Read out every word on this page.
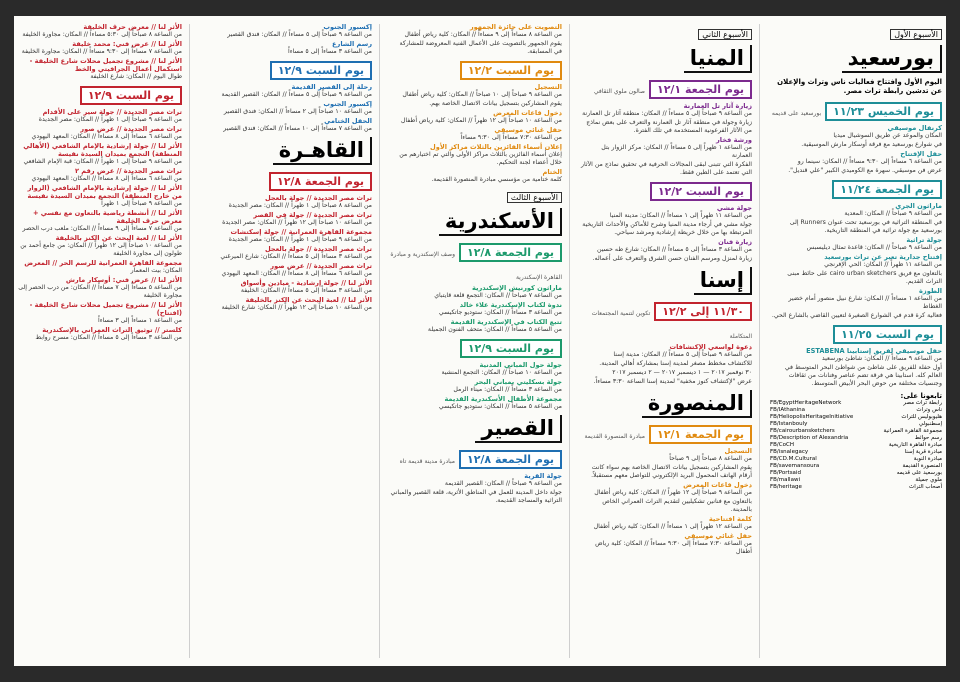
الأسبوع الأول
بورسعيد
اليوم الأول وافتتاح فعاليات ناس وتراث والإعلان عن تدشين رابطة تراث مصر.
يوم الخميس ١١/٢٣بورسعيد على قديمه
كرنفال موسيقي
المكان والموعد عن طريق السوشيال ميديا
في شوارع بورسعيد مع فرقة أوسكار مارش الموسيقية.
حفل الإفتتاح
من الساعة ٦ مساءاً إلى ٩:٣٠ مساءاً // المكان: سينما رو
عرض فن موسيقي. سهرة مع الكوميدي الكبير "علي قنديل".
يوم الجمعة ١١/٢٤
ماراثون الجري
من الساعة ٩ صباحاً // المكان: المعدية
في المنطقة التراثية في بورسعيد تحت عنوان Runners إلى بورسعيد مع جولة تراثية في المنطقة التاريخية.
جولة تراثية
من الساعة ٩ صباحاً // المكان: قاعدة تمثال ديليسبس
إفتتاح جدارية تعبر عن تراث بورسعيد
من الساعة ١١ ظهراً // المكان: الحي الإفرنجي
بالتعاون مع فريق cairo urban sketchers على حائط مبنى التراث القديم.
الطوزة
من الساعة ١ مساءاً // المكان: شارع نبيل منصور أمام خضير الغطاط
فعالية كرة قدم في الشوارع الصغيرة لتعيين القاضي بالشارع الحي.
يوم السبت ١١/٢٥
حفل موسيقي لفريق إستابينا ESTABENA
من الساعة ٩ مساءاً // المكان: شاطئ بورسعيد
أول حفلة للفريق على شاطئ من شواطئ البحر المتوسط في العالم كله. استابينا هي فرقة تضم عناصر وفنانات من ثقافات وجنسيات مختلفة من حوض البحر الأبيض المتوسط.
تابعونا على:
FB/EgyptHeritageNetwork	رابطة تراث مصر
FB/IAthanina	ناس وتراث
FB/HeliopolisHeritageInitiative	هليوبوليس للتراث
FB/Istanbouly	إسطنبولي
FB/cairourbansketchers	مجموعة القاهرة العمرانية
FB/Description of Alexandria	رسم حوائط
FB/CoCH	مبادرة القاهرة التاريخية
FB/isnalegacy	مبادرة قرية إسنا
FB/CD.M.Cultural	مبادرة النوبة
FB/savemansoura	المنصورة القديمة
FB/Portsaid	بورسعيد على قديمه
FB/mallawi	ملوي جميلة
FB/heritage	أصحاب التراث
الأسبوع الثاني
المنيا
يوم الجمعة ١٢/١صالون ملوي الثقافي
زيارة آثار تل العمارنة
من الساعة ٩ صباحاً إلى ٥ مساءاً // المكان: منطقة آثار تل العمارنة
زيارة وجولة في منطقة آثار تل العمارنة والتعرف على بعض نماذج من الآثار الفرعونية المستخدمة في تلك الفترة.
ورشة فخار
من الساعة ١ ظهراً إلى ٥ مساءاً // المكان: مركز الزوار بتل العمارنة
الفكرة التي تتبنى لبقى المجالات الحرفية في تحقيق نماذج من الآثار التي تعتمد على الطين فقط.
يوم السبت ١٢/٢
جولة مشي
من الساعة ١١ ظهراً إلى ١ مساءاً // المكان: مدينة المنيا
جولة مشي في أرجاء مدينة المنيا وشرح للأماكن والأحداث التاريخية المرتبطة بها من خلال خريطة إرشادية ومرشد سياحي.
زيارة فنان
من الساعة ٣ مساءاً إلى ٥ مساءاً // المكان: شارع طه حسين
زيارة لمنزل ومرسم الفنان حسن الشرق والتعرف على أعماله.
إسنا
١١/٣٠ إلى ١٢/٢تكوين لتنمية المجتمعات المتكاملة
دعوة لواسعي الإكتشافات
من الساعة ٩ صباحاً إلى ٥ مساءاً // المكان: مدينة إسنا
للاكتشاف مخطط مصغر لمدينة إسنا بمشاركة أهالي المدينة.
٣٠ نوفمبر ٢٠١٧ — ١ ديسمبر ٢٠١٧ — ٢ ديسمبر ٢٠١٧
عرض "لإكتشاف كنوز مخفية" لمدينة إسنا الساعة ٣:٣٠ مساءاً.
المنصورة
يوم الجمعة ١٢/١مبادرة المنصورة القديمة
التسجيل
من الساعة ٨ صباحاً إلى ٩ صباحاً
يقوم المشاركين بتسجيل بيانات الاتصال الخاصة بهم سواء كانت أرقام الهاتف المحمول البريد الإلكتروني للتواصل معهم مستقبلاً.
دخول قاعات المعرض
من الساعة ٩ صباحاً إلى ١٢ ظهراً // المكان: كلية رياض أطفال
بالتعاون مع فنانين تشكيليين لتقديم التراث العمراني الخاص بالمدينة.
كلمة افتتاحية
من الساعة ١٢ ظهراً إلى ١ مساءاً // المكان: كلية رياض أطفال
حفل غنائي موسيقي
من الساعة ٧:٣٠ مساءاً إلى ٩:٣٠ مساءاً // المكان: كلية رياض أطفال
التصويت على جائزة الجمهور
من الساعة ٨ مساءاً إلى ٩ مساءاً // المكان: كلية رياض أطفال
يقوم الجمهور بالتصويت على الأعمال الفنية المعروضة للمشاركة في المسابقة.
يوم السبت ١٢/٢
التسجيل
من الساعة ٩ صباحاً إلى ١٠ صباحاً // المكان: كلية رياض أطفال
يقوم المشاركين بتسجيل بيانات الاتصال الخاصة بهم.
دخول قاعات المعرض
من الساعة ١٠ صباحاً إلى ١٢ ظهراً // المكان: كلية رياض أطفال
حفل غنائي موسيقي
من الساعة ٧:٣٠ مساءاً إلى ٩:٣٠ مساءاً
إعلان أسماء الفائزين بالثلاث مراكز الأول
إعلان أسماء الفائزين بالثلاث مراكز الأولى والتي تم اختيارهم من خلال أعضاء لجنة التحكيم.
الختام
كلمة ختامية من مؤسسي مبادرة المنصورة القديمة.
الأسبوع الثالث
الأسكندرية
يوم الجمعة ١٢/٨وصف الإسكندرية و مبادرة القاهرة الإسكندرية
ماراثون كورنيش الإسكندرية
من الساعة ٧ صباحاً // المكان: التجمع قلعة قايتباي
ندوة لكتاب الإسكندرية علاء خالد
من الساعة ٣ مساءاً // المكان: ستوديو جاتكيسي
تتبع الكتاب في الإسكندرية القديمة
من الساعة ٥ مساءاً // المكان: متحف الفنون الجميلة
يوم السبت ١٢/٩
جولة حول المباني المدنية
من الساعة ١٠ صباحاً // المكان: التجمع المنشية
جولة بسكليتي بمباني البحر
من الساعة ٣ مساءاً // المكان: ميناء الرمل
مجموعة الأطفال الأسكندرية القديمة
من الساعة ٥ مساءاً // المكان: ستوديو جاتكيسي
القصير
يوم الجمعة ١٢/٨مبادرة مدينة قديمة تاه
جولة القرية
من الساعة ٩ صباحاً // المكان: القصير القديمة
جولة داخل المدينة للعمل في المناطق الأثرية، قلعة القصير والمباني التراثية والمساجد القديمة.
إكسبور الجنوب
من الساعة ٩ صباحاً إلى ٥ مساءاً // المكان: فندق القصير
رسم الشارع
من الساعة ٣ مساءاً إلى ٥ مساءاً
يوم السبت ١٢/٩
رحلة إلى القصير القديمة
من الساعة ٩ صباحاً إلى ٥ مساءاً // المكان: القصير القديمة
إكسبور الجنوب
من الساعة ١٠ صباحاً إلى ٢ مساءاً // المكان: فندق القصير
الحفل الختامي
من الساعة ٧ مساءاً إلى ١٠ مساءاً // المكان: فندق القصير
القاهـرة
يوم الجمعة ١٢/٨
تراث مصر الجديدة // جولة بالعجل
من الساعة ٨ صباحاً إلى ١ ظهراً // المكان: مصر الجديدة
تراث مصر الجديدة // جولة في القصر
من الساعة ١٠ صباحاً إلى ١٢ ظهراً // المكان: مصر الجديدة
مجموعة القاهرة العمرانية // جولة إسكتشات
من الساعة ٩ صباحاً إلى ١ ظهراً // المكان: مصر الجديدة
تراث مصر الجديدة // جولة بالعجل
من الساعة ٣ مساءاً إلى ٥ مساءاً // المكان: شارع الميرغني
تراث مصر الجديدة // عرض صور
من الساعة ٦ مساءاً إلى ٨ مساءاً // المكان: المعهد اليهودي
الأثر لنا // جولة إرشادية - ميادين وأسواق
من الساعة ٣ مساءاً إلى ٥ مساءاً // المكان: الخليفة
الأثر لنا // لعبة البحث عن الكنز بالخليفة
من الساعة ١٠ صباحاً إلى ١٢ ظهراً // المكان: شارع الخليفة
الأثر لنا // معرض حرف الخليفة
من الساعة ٨ صباحاً إلى ٥:٣٠ مساءاً // المكان: مجاورة الخليفة
الأثر لنا // عرض فني: محمد خليفة
من الساعة ٧ مساءاً إلى ٩:٣٠ مساءاً // المكان: مجاورة الخليفة
الأثر لنا // مشروع تجميل محلات شارع الخليفة - استكمال أعمال الجرافيتي والخط
طوال اليوم // المكان: شارع الخليفة
يوم السبت ١٢/٩
تراث مصر الجديدة // جولة سير على الأقدام
من الساعة ٩ صباحاً إلى ١ ظهراً // المكان: مصر الجديدة
تراث مصر الجديدة // عرض صور
من الساعة ٦ مساءاً إلى ٨ مساءاً // المكان: المعهد اليهودي
الأثر لنا // جولة إرشادية بالإمام الشافعي (الأهالي المنطقة) التجمع بميدان السيدة نفيسة
من الساعة ٩ صباحاً إلى ١ ظهراً // المكان: قبة الإمام الشافعي
تراث مصر الجديدة // عرض رقم ٢
من الساعة ٦ مساءاً إلى ٨ مساءاً // المكان: المعهد اليهودي
الأثر لنا // جولة إرشادية بالإمام الشافعي (الزوار من خارج المنطقة) التجمع بميدان السيدة نفيسة
من الساعة ٩ صباحاً إلى ١ ظهراً
الأثر لنا // أنشطة رياضية بالتعاون مع نفسي + معرض حرف الخليفة
من الساعة ٧ مساءاً إلى ٩ مساءاً // المكان: ملعب درب الحصر
الأثر لنا // لعبة البحث عن الكنز بالخليفة
من الساعة ١٠ صباحاً إلى ١٢ ظهراً // المكان: من جامع أحمد بن طولون إلى مجاورة الخليفة
مجموعة القاهرة العمرانية للرسم الحر // المعرض
المكان: بيت المعمار
الأثر لنا // عرض فني: أوسكار مارش
من الساعة ٥ مساءاً إلى ٧ مساءاً // المكان: من درب الحصر إلى مجاورة الخليفة
الأثر لنا // مشروع تجميل محلات شارع الخليفة - (افتتاح)
من الساعة ١ مساءاً إلى ٣ مساءاً
كلستر // توثيق التراث العمراني بالإسكندرية
من الساعة ٣ مساءاً إلى ٥ مساءاً // المكان: مسرح روابط
